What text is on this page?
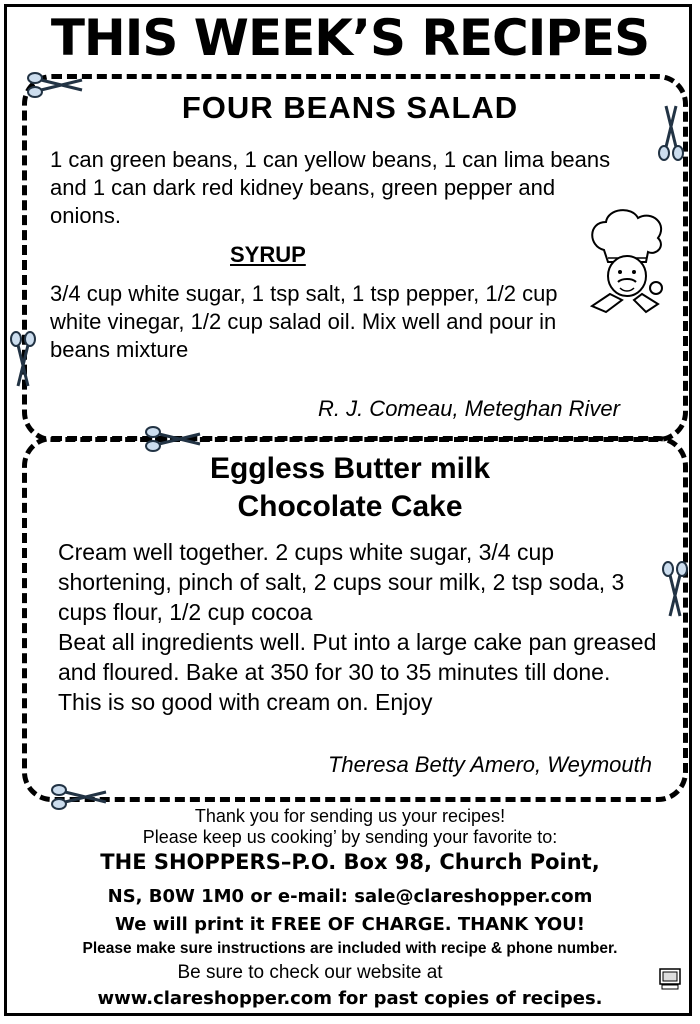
THIS WEEK’S RECIPES
FOUR BEANS SALAD
1 can green beans, 1 can yellow beans, 1 can lima beans and 1 can dark red kidney beans, green pepper and onions.
SYRUP
3/4 cup white sugar, 1 tsp salt, 1 tsp pepper, 1/2 cup white vinegar, 1/2 cup salad oil. Mix well and pour in beans mixture
R. J. Comeau, Meteghan River
Eggless Butter milk
Chocolate Cake
Cream well together. 2 cups white sugar, 3/4 cup shortening, pinch of salt, 2 cups sour milk, 2 tsp soda, 3 cups flour, 1/2 cup cocoa
Beat all ingredients well. Put into a large cake pan greased and floured. Bake at 350 for 30 to 35 minutes till done. This is so good with cream on. Enjoy
Theresa Betty Amero, Weymouth
Thank you for sending us your recipes!
Please keep us cooking’ by sending your favorite to:
THE SHOPPERS–P.O. Box 98, Church Point,
NS, B0W 1M0 or e-mail: sale@clareshopper.com
We will print it FREE OF CHARGE. THANK YOU!
Please make sure instructions are included with recipe & phone number.
Be sure to check our website at
www.clareshopper.com for past copies of recipes.
